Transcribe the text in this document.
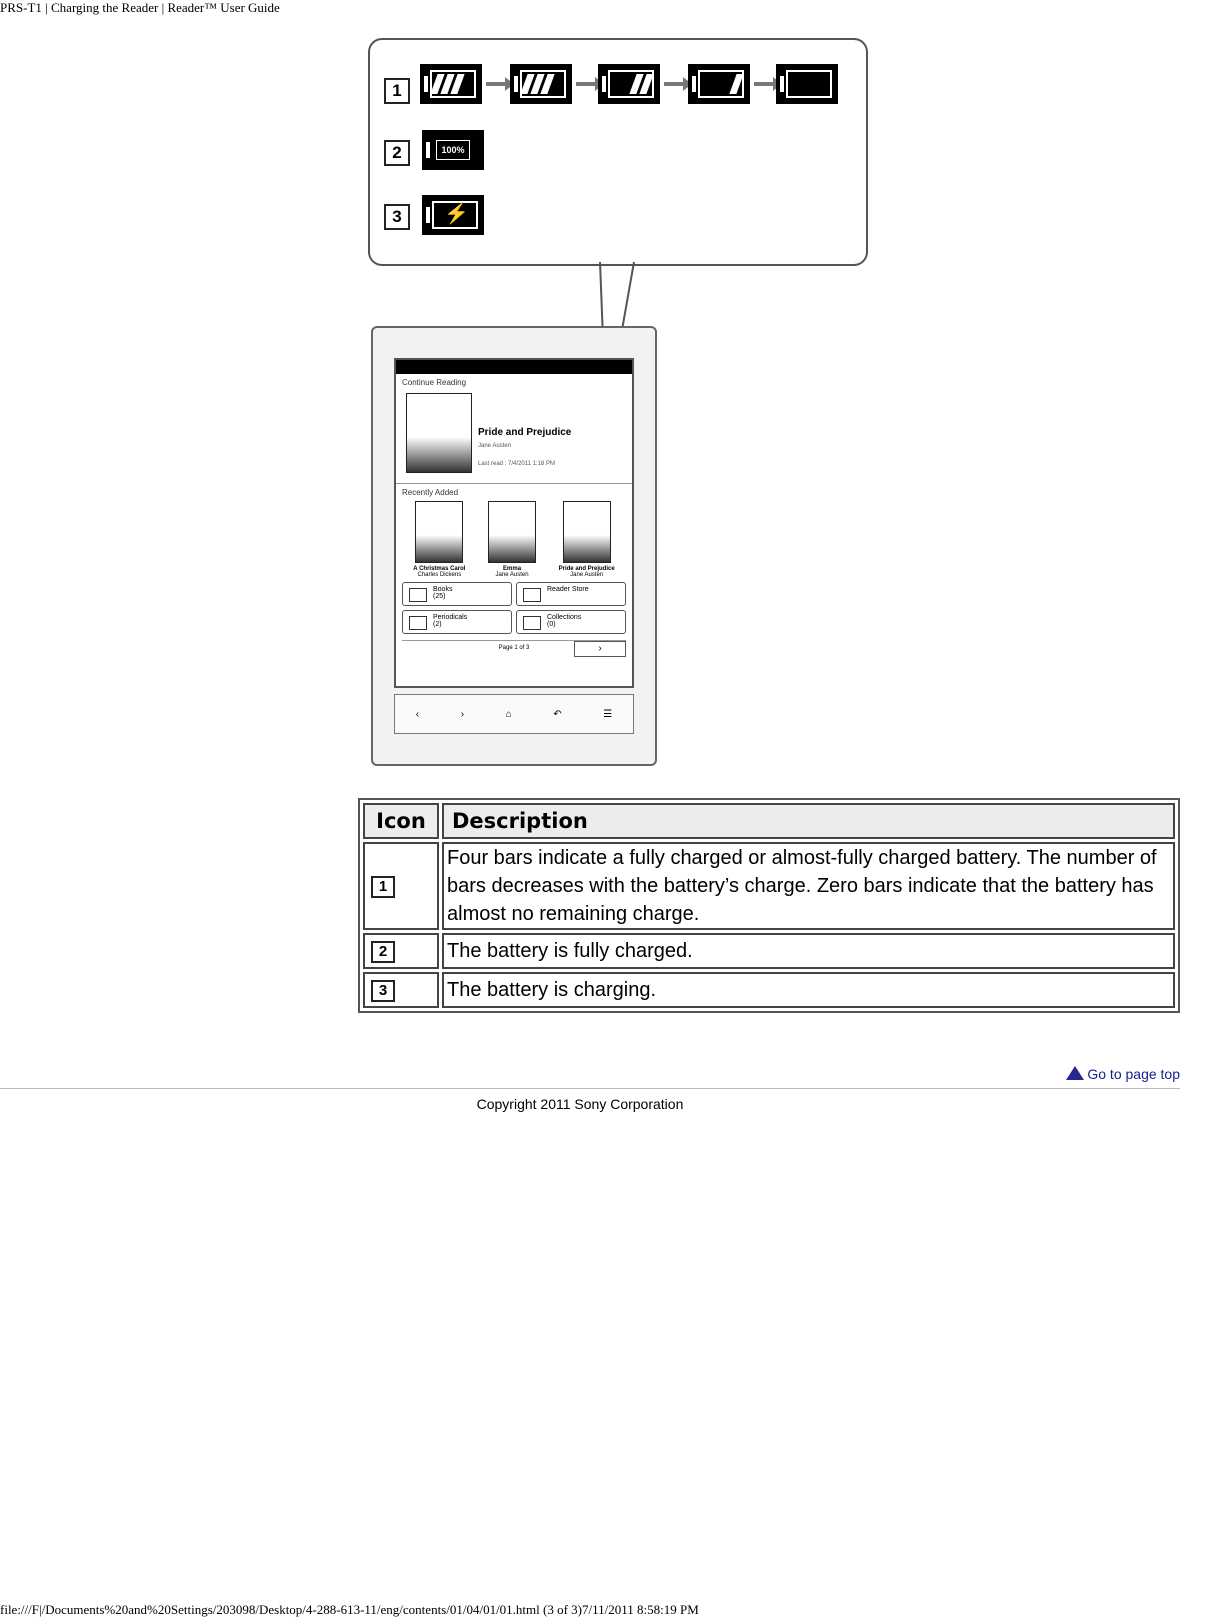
PRS-T1 | Charging the Reader | Reader™ User Guide
1
2
3
100%
⚡
Continue Reading
Pride and Prejudice
Jane Austen
Last read : 7/4/2011 1:18 PM
Recently Added
A Christmas Carol
Charles Dickens
Emma
Jane Austen
Pride and Prejudice
Jane Austen
Books
(25)
Reader Store
Periodicals
(2)
Collections
(0)
Page 1 of 3	›
‹	›	⌂	↶	☰
Icon	Description
1	Four bars indicate a fully charged or almost-fully charged battery. The number of bars decreases with the battery’s charge. Zero bars indicate that the battery has almost no remaining charge.
2	The battery is fully charged.
3	The battery is charging.
Go to page top
Copyright 2011 Sony Corporation
file:///F|/Documents%20and%20Settings/203098/Desktop/4-288-613-11/eng/contents/01/04/01/01.html (3 of 3)7/11/2011 8:58:19 PM
